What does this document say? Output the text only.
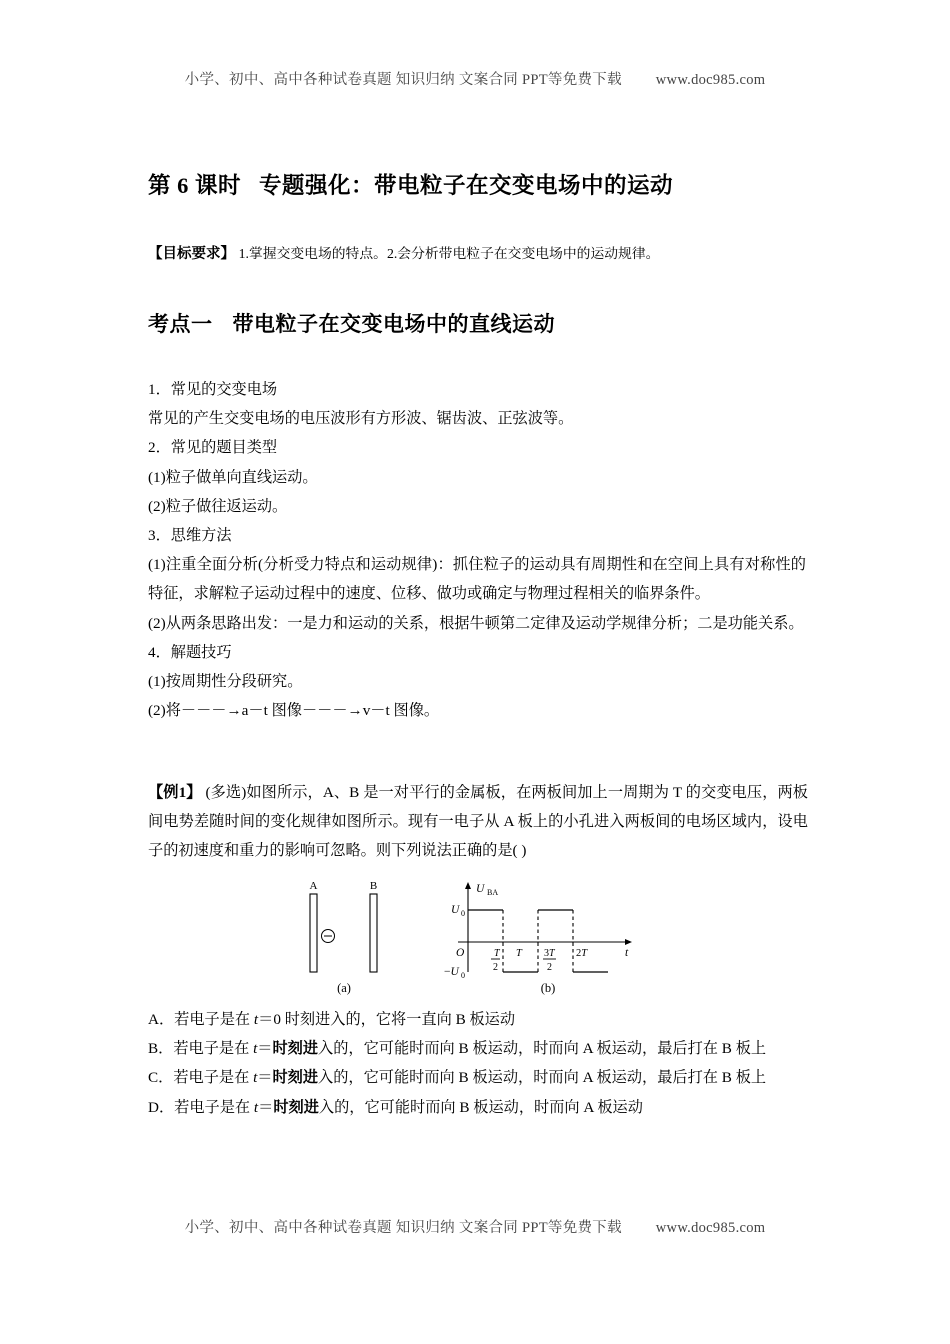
小学、初中、高中各种试卷真题 知识归纳 文案合同 PPT等免费下载 www.doc985.com
第 6 课时 专题强化：带电粒子在交变电场中的运动
【目标要求】 1.掌握交变电场的特点。2.会分析带电粒子在交变电场中的运动规律。
考点一 带电粒子在交变电场中的直线运动

1．常见的交变电场

常见的产生交变电场的电压波形有方形波、锯齿波、正弦波等。

2．常见的题目类型

(1)粒子做单向直线运动。

(2)粒子做往返运动。

3．思维方法

(1)注重全面分析(分析受力特点和运动规律)：抓住粒子的运动具有周期性和在空间上具有对称性的特征，求解粒子运动过程中的速度、位移、做功或确定与物理过程相关的临界条件。

(2)从两条思路出发：一是力和运动的关系，根据牛顿第二定律及运动学规律分析；二是功能关系。

4．解题技巧

(1)按周期性分段研究。

(2)将－－－→a－t 图像－－－→v－t 图像。

【例1】 (多选)如图所示，A、B 是一对平行的金属板，在两板间加上一周期为 T 的交变电压，两板间电势差随时间的变化规律如图所示。现有一电子从 A 板上的小孔进入两板间的电场区域内，设电子的初速度和重力的影响可忽略。则下列说法正确的是( )
A	B
(a)
U BA
U 0
−U 0
O	t
T
2
T 3T
2
2T
(b)

A．若电子是在 t＝0 时刻进入的，它将一直向 B 板运动

B．若电子是在 t＝时刻进入的，它可能时而向 B 板运动，时而向 A 板运动，最后打在 B 板上

C．若电子是在 t＝时刻进入的，它可能时而向 B 板运动，时而向 A 板运动，最后打在 B 板上

D．若电子是在 t＝时刻进入的，它可能时而向 B 板运动，时而向 A 板运动

小学、初中、高中各种试卷真题 知识归纳 文案合同 PPT等免费下载 www.doc985.com
